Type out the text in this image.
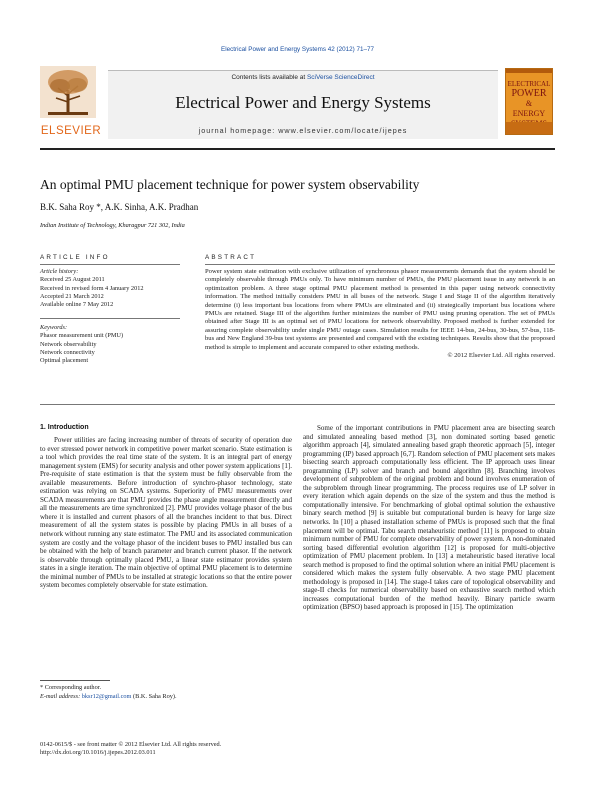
Electrical Power and Energy Systems 42 (2012) 71–77
ELSEVIER
Contents lists available at SciVerse ScienceDirect
Electrical Power and Energy Systems
journal homepage: www.elsevier.com/locate/ijepes
ELECTRICAL
POWER
&
ENERGY
An optimal PMU placement technique for power system observability
B.K. Saha Roy *, A.K. Sinha, A.K. Pradhan
Indian Institute of Technology, Kharagpur 721 302, India
ARTICLE INFO
Article history:
Received 25 August 2011
Received in revised form 4 January 2012
Accepted 21 March 2012
Available online 7 May 2012
Keywords:
Phasor measurement unit (PMU)
Network observability
Network connectivity
Optimal placement
ABSTRACT
Power system state estimation with exclusive utilization of synchronous phasor measurements demands that the system should be completely observable through PMUs only. To have minimum number of PMUs, the PMU placement issue in any network is an optimization problem. A three stage optimal PMU placement method is presented in this paper using network connectivity information. The method initially considers PMU in all buses of the network. Stage I and Stage II of the algorithm iteratively determine (i) less important bus locations from where PMUs are eliminated and (ii) strategically important bus locations where PMUs are retained. Stage III of the algorithm further minimizes the number of PMU using pruning operation. The set of PMUs obtained after Stage III is an optimal set of PMU locations for network observability. Proposed method is further extended for assuring complete observability under single PMU outage cases. Simulation results for IEEE 14-bus, 24-bus, 30-bus, 57-bus, 118-bus and New England 39-bus test systems are presented and compared with the existing techniques. Results show that the proposed method is simple to implement and accurate compared to other existing methods.
© 2012 Elsevier Ltd. All rights reserved.
1. Introduction

Power utilities are facing increasing number of threats of security of operation due to ever stressed power network in competitive power market scenario. State estimation is a tool which provides the real time state of the system. It is an integral part of energy management system (EMS) for security analysis and other power system applications [1]. Pre-requisite of state estimation is that the system must be fully observable from the available measurements. Before introduction of synchro-phasor technology, state estimation was relying on SCADA systems. Superiority of PMU measurements over SCADA measurements are that PMU provides the phase angle measurement directly and all the measurements are time synchronized [2]. PMU provides voltage phasor of the bus where it is installed and current phasors of all the branches incident to that bus. Direct measurement of all the system states is possible by placing PMUs in all buses of a network without running any state estimator. The PMU and its associated communication system are costly and the voltage phasor of the incident buses to PMU installed bus can be obtained with the help of branch parameter and branch current phasor. If the network is observable through optimally placed PMU, a linear state estimator provides system states in a single iteration. The main objective of optimal PMU placement is to determine the minimal number of PMUs to be installed at strategic locations so that the entire power system becomes completely observable for state estimation.

Some of the important contributions in PMU placement area are bisecting search and simulated annealing based method [3], non dominated sorting based genetic algorithm approach [4], simulated annealing based graph theoretic approach [5], integer programming (IP) based approach [6,7]. Random selection of PMU placement sets makes bisecting search approach computationally less efficient. The IP approach uses linear programming (LP) solver and branch and bound algorithm [8]. Branching involves development of subproblem of the original problem and bound involves enumeration of the subproblem through linear programming. The process requires use of LP solver in every iteration which again depends on the size of the system and thus the method is computationally intensive. For benchmarking of global optimal solution the exhaustive binary search method [9] is suitable but computational burden is heavy for large size networks. In [10] a phased installation scheme of PMUs is proposed such that the final placement will be optimal. Tabu search metaheuristic method [11] is proposed to obtain minimum number of PMU for complete observability of power system. A non-dominated sorting based differential evolution algorithm [12] is proposed for multi-objective optimization of PMU placement problem. In [13] a metaheuristic based iterative local search method is proposed to find the optimal solution where an initial PMU placement is considered which makes the system fully observable. A two stage PMU placement methodology is proposed in [14]. The stage-I takes care of topological observability and stage-II checks for numerical observability based on exhaustive search method which increases computational burden of the method heavily. Binary particle swarm optimization (BPSO) based approach is proposed in [15]. The optimization

* Corresponding author.
E-mail address: bksr12@gmail.com (B.K. Saha Roy).
0142-0615/$ - see front matter © 2012 Elsevier Ltd. All rights reserved.
http://dx.doi.org/10.1016/j.ijepes.2012.03.011
